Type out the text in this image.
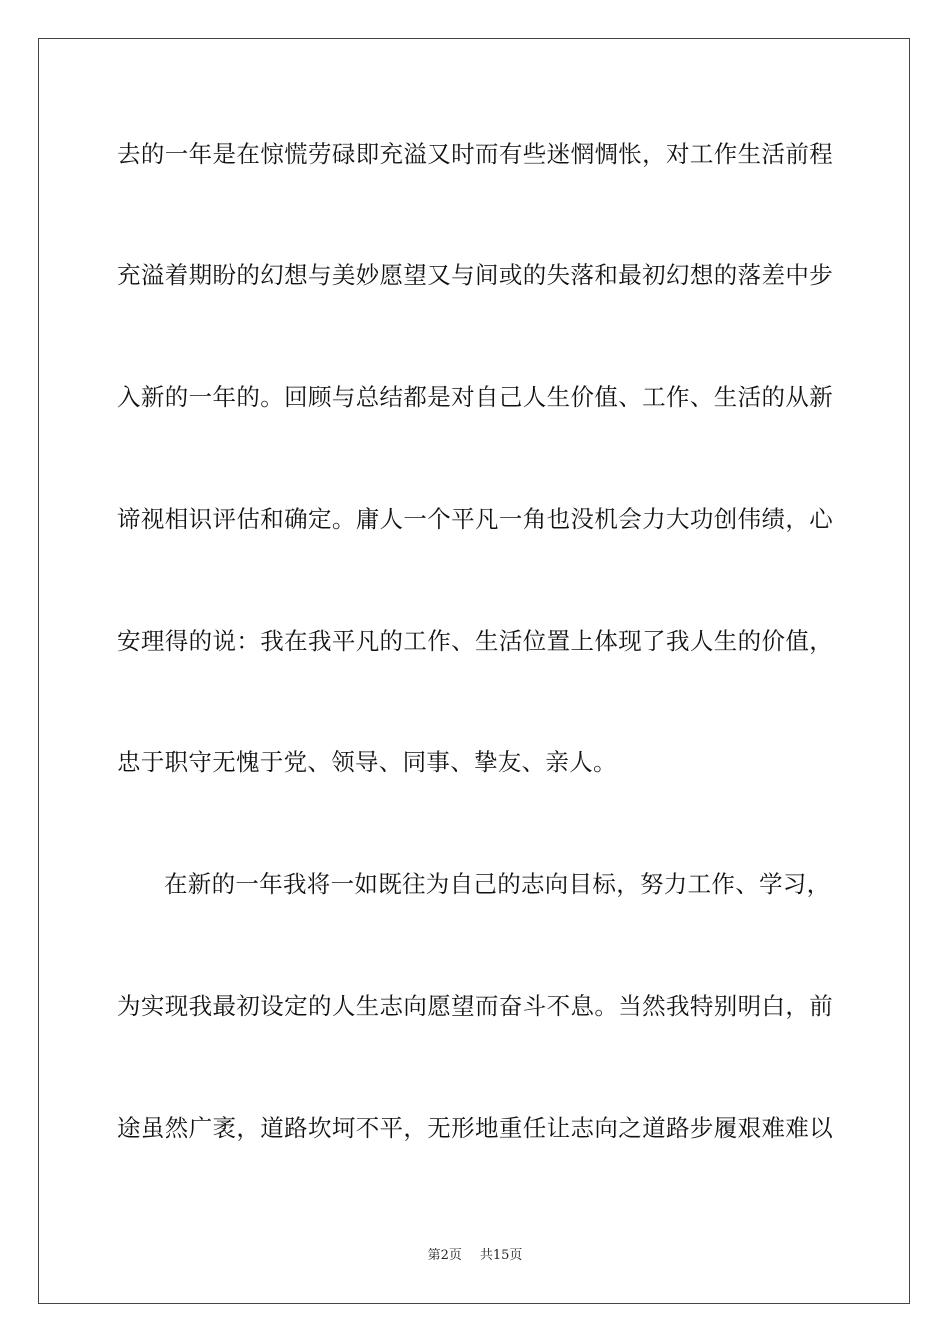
去的一年是在惊慌劳碌即充溢又时而有些迷惘惆怅，对工作生活前程
充溢着期盼的幻想与美妙愿望又与间或的失落和最初幻想的落差中步
入新的一年的。回顾与总结都是对自己人生价值、工作、生活的从新
谛视相识评估和确定。庸人一个平凡一角也没机会力大功创伟绩，心
安理得的说：我在我平凡的工作、生活位置上体现了我人生的价值，
忠于职守无愧于党、领导、同事、挚友、亲人。
在新的一年我将一如既往为自己的志向目标，努力工作、学习，
为实现我最初设定的人生志向愿望而奋斗不息。当然我特别明白，前
途虽然广袤，道路坎坷不平，无形地重任让志向之道路步履艰难难以
第2页 共15页
